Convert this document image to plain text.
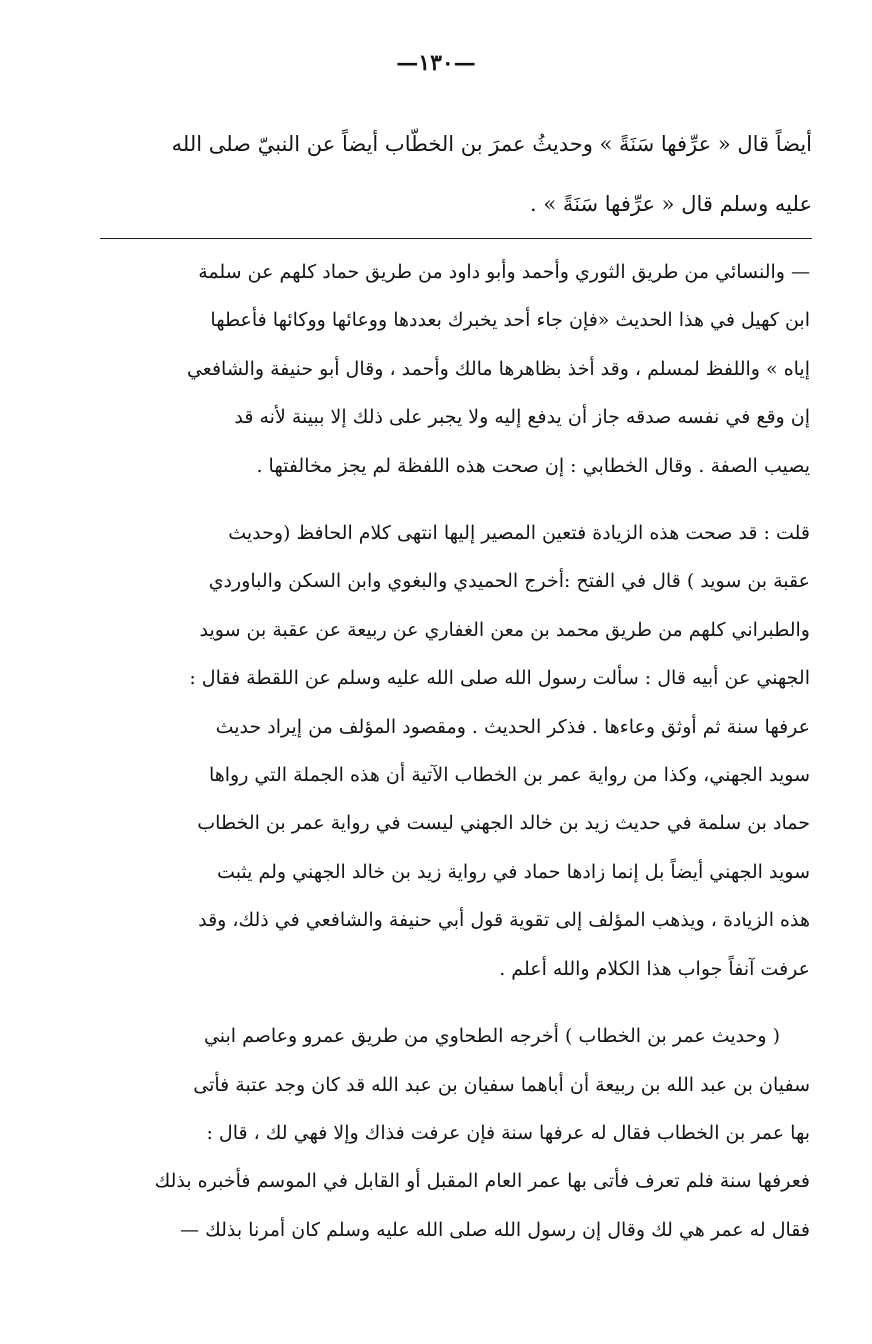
—١٣٠—

أيضاً قال « عرِّفها سَنَةً » وحديثُ عمرَ بن الخطّاب أيضاً عن النبيّ صلى الله

عليه وسلم قال « عرِّفها سَنَةً » .

— والنسائي من طريق الثوري وأحمد وأبو داود من طريق حماد كلهم عن سلمة

ابن كهيل في هذا الحديث «فإن جاء أحد يخبرك بعددها ووعائها ووكائها فأعطها

إياه » واللفظ لمسلم ، وقد أخذ بظاهرها مالك وأحمد ، وقال أبو حنيفة والشافعي

إن وقع في نفسه صدقه جاز أن يدفع إليه ولا يجبر على ذلك إلا ببينة لأنه قد

يصيب الصفة . وقال الخطابي : إن صحت هذه اللفظة لم يجز مخالفتها .

قلت : قد صحت هذه الزيادة فتعين المصير إليها انتهى كلام الحافظ (وحديث

عقبة بن سويد ) قال في الفتح :أخرج الحميدي والبغوي وابن السكن والباوردي

والطبراني كلهم من طريق محمد بن معن الغفاري عن ربيعة عن عقبة بن سويد

الجهني عن أبيه قال : سألت رسول الله صلى الله عليه وسلم عن اللقطة فقال :

عرفها سنة ثم أوثق وعاءها . فذكر الحديث . ومقصود المؤلف من إيراد حديث

سويد الجهني، وكذا من رواية عمر بن الخطاب الآتية أن هذه الجملة التي رواها

حماد بن سلمة في حديث زيد بن خالد الجهني ليست في رواية عمر بن الخطاب

سويد الجهني أيضاً بل إنما زادها حماد في رواية زيد بن خالد الجهني ولم يثبت

هذه الزيادة ، ويذهب المؤلف إلى تقوية قول أبي حنيفة والشافعي في ذلك، وقد

عرفت آنفاً جواب هذا الكلام والله أعلم .

( وحديث عمر بن الخطاب ) أخرجه الطحاوي من طريق عمرو وعاصم ابني

سفيان بن عبد الله بن ربيعة أن أباهما سفيان بن عبد الله قد كان وجد عتبة فأتى

بها عمر بن الخطاب فقال له عرفها سنة فإن عرفت فذاك وإلا فهي لك ، قال :

فعرفها سنة فلم تعرف فأتى بها عمر العام المقبل أو القابل في الموسم فأخبره بذلك

فقال له عمر هي لك وقال إن رسول الله صلى الله عليه وسلم كان أمرنا بذلك—
